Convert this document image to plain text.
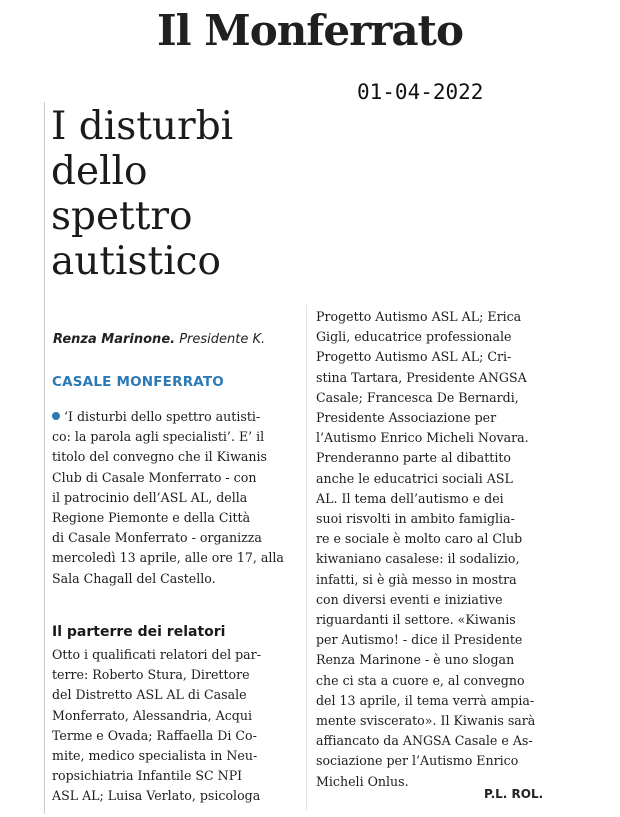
Il Monferrato
01-04-2022
I disturbi
dello
spettro
autistico
Renza Marinone. Presidente K.
CASALE MONFERRATO
‘I disturbi dello spettro autisti-
co: la parola agli specialisti’. E’ il
titolo del convegno che il Kiwanis
Club di Casale Monferrato - con
il patrocinio dell’ASL AL, della
Regione Piemonte e della Città
di Casale Monferrato - organizza
mercoledì 13 aprile, alle ore 17, alla
Sala Chagall del Castello.
Il parterre dei relatori
Otto i qualificati relatori del par-
terre: Roberto Stura, Direttore
del Distretto ASL AL di Casale
Monferrato, Alessandria, Acqui
Terme e Ovada; Raffaella Di Co-
mite, medico specialista in Neu-
ropsichiatria Infantile SC NPI
ASL AL; Luisa Verlato, psicologa
Progetto Autismo ASL AL; Erica
Gigli, educatrice professionale
Progetto Autismo ASL AL; Cri-
stina Tartara, Presidente ANGSA
Casale; Francesca De Bernardi,
Presidente Associazione per
l’Autismo Enrico Micheli Novara.
Prenderanno parte al dibattito
anche le educatrici sociali ASL
AL. Il tema dell’autismo e dei
suoi risvolti in ambito famiglia-
re e sociale è molto caro al Club
kiwaniano casalese: il sodalizio,
infatti, si è già messo in mostra
con diversi eventi e iniziative
riguardanti il settore. «Kiwanis
per Autismo! - dice il Presidente
Renza Marinone - è uno slogan
che ci sta a cuore e, al convegno
del 13 aprile, il tema verrà ampia-
mente sviscerato». Il Kiwanis sarà
affiancato da ANGSA Casale e As-
sociazione per l’Autismo Enrico
Micheli Onlus.
P.L. ROL.
